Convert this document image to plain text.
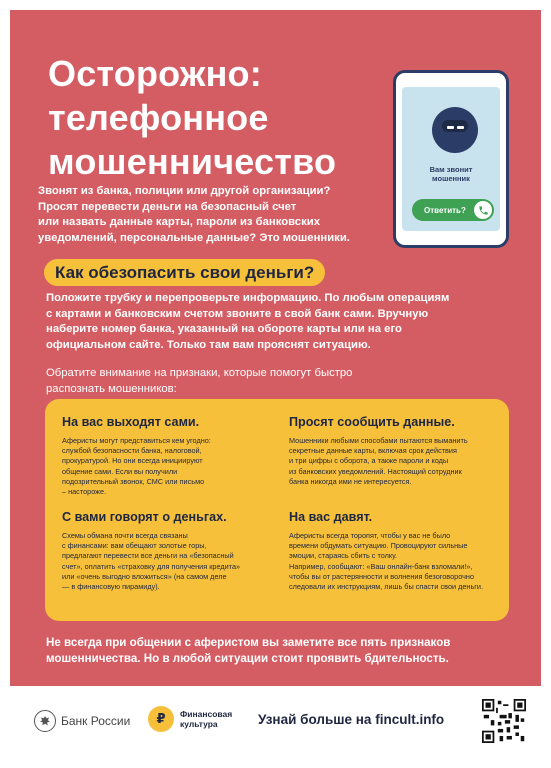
Осторожно:
телефонное
мошенничество
Звонят из банка, полиции или другой организации?
Просят перевести деньги на безопасный счет
или назвать данные карты, пароли из банковских
уведомлений, персональные данные? Это мошенники.
Вам звонит
мошенник
Ответить?
Как обезопасить свои деньги?
Положите трубку и перепроверьте информацию. По любым операциям
с картами и банковским счетом звоните в свой банк сами. Вручную
наберите номер банка, указанный на обороте карты или на его
официальном сайте. Только там вам прояснят ситуацию.
Обратите внимание на признаки, которые помогут быстро
распознать мошенников:
На вас выходят сами.
Аферисты могут представиться кем угодно:
службой безопасности банка, налоговой,
прокуратурой. Но они всегда инициируют
общение сами. Если вы получили
подозрительный звонок, СМС или письмо
– настороже.
Просят сообщить данные.
Мошенники любыми способами пытаются выманить
секретные данные карты, включая срок действия
и три цифры с оборота, а также пароли и коды
из банковских уведомлений. Настоящий сотрудник
банка никогда ими не интересуется.
С вами говорят о деньгах.
Схемы обмана почти всегда связаны
с финансами: вам обещают золотые горы,
предлагают перевести все деньги на «безопасный
счет», оплатить «страховку для получения кредита»
или «очень выгодно вложиться» (на самом деле
— в финансовую пирамиду).
На вас давят.
Аферисты всегда торопят, чтобы у вас не было
времени обдумать ситуацию. Провоцируют сильные
эмоции, стараясь сбить с толку.
Например, сообщают: «Ваш онлайн-банк взломали!»,
чтобы вы от растерянности и волнения безоговорочно
следовали их инструкциям, лишь бы спасти свои деньги.
Не всегда при общении с аферистом вы заметите все пять признаков
мошенничества. Но в любой ситуации стоит проявить бдительность.
Банк России	₽	Финансовая
культура	Узнай больше на fincult.info
